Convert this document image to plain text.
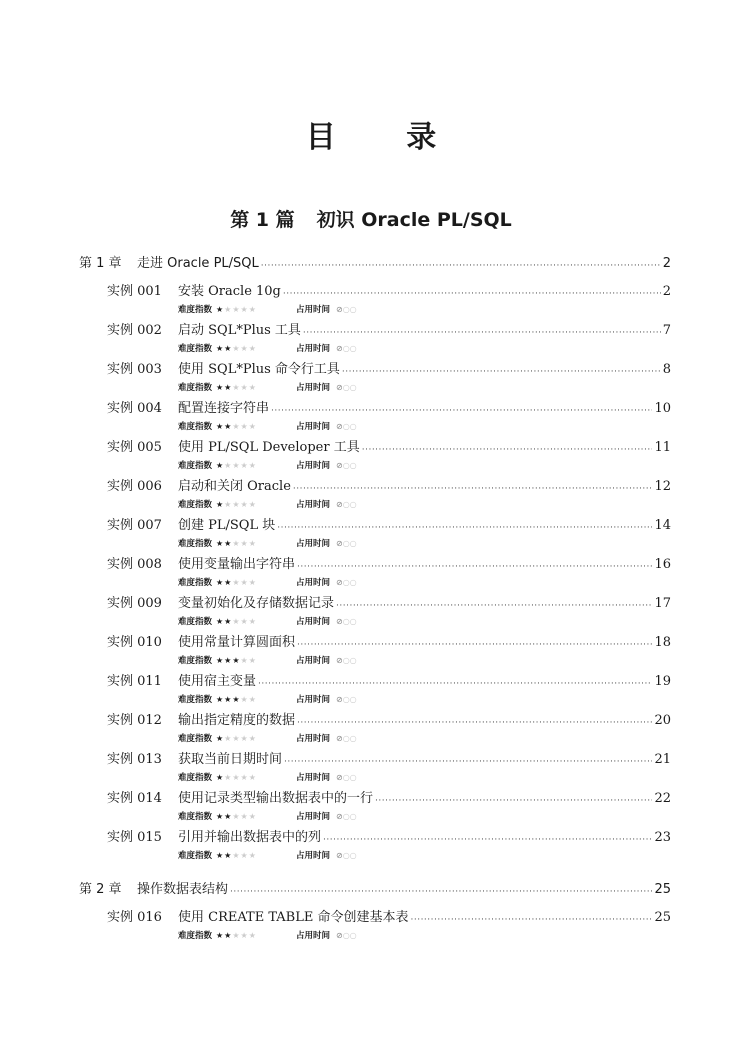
目 录
第 1 篇 初识 Oracle PL/SQL
第 1 章	走进 Oracle PL/SQL ·····	2
实例 001	安装 Oracle 10g ·····	2
难度指数 ★★★★★	占用时间 ⊘○○
实例 002	启动 SQL*Plus 工具 ·····	7
难度指数 ★★★★★	占用时间 ⊘○○
实例 003	使用 SQL*Plus 命令行工具 ·····	8
难度指数 ★★★★★	占用时间 ⊘○○
实例 004	配置连接字符串 ·····	10
难度指数 ★★★★★	占用时间 ⊘○○
实例 005	使用 PL/SQL Developer 工具 ·····	11
难度指数 ★★★★★	占用时间 ⊘○○
实例 006	启动和关闭 Oracle ·····	12
难度指数 ★★★★★	占用时间 ⊘○○
实例 007	创建 PL/SQL 块 ·····	14
难度指数 ★★★★★	占用时间 ⊘○○
实例 008	使用变量输出字符串 ·····	16
难度指数 ★★★★★	占用时间 ⊘○○
实例 009	变量初始化及存储数据记录 ·····	17
难度指数 ★★★★★	占用时间 ⊘○○
实例 010	使用常量计算圆面积 ·····	18
难度指数 ★★★★★	占用时间 ⊘○○
实例 011	使用宿主变量 ·····	19
难度指数 ★★★★★	占用时间 ⊘○○
实例 012	输出指定精度的数据 ·····	20
难度指数 ★★★★★	占用时间 ⊘○○
实例 013	获取当前日期时间 ·····	21
难度指数 ★★★★★	占用时间 ⊘○○
实例 014	使用记录类型输出数据表中的一行 ·····	22
难度指数 ★★★★★	占用时间 ⊘○○
实例 015	引用并输出数据表中的列 ·····	23
难度指数 ★★★★★	占用时间 ⊘○○
第 2 章	操作数据表结构 ·····	25
实例 016	使用 CREATE TABLE 命令创建基本表 ·····	25
难度指数 ★★★★★	占用时间 ⊘○○
